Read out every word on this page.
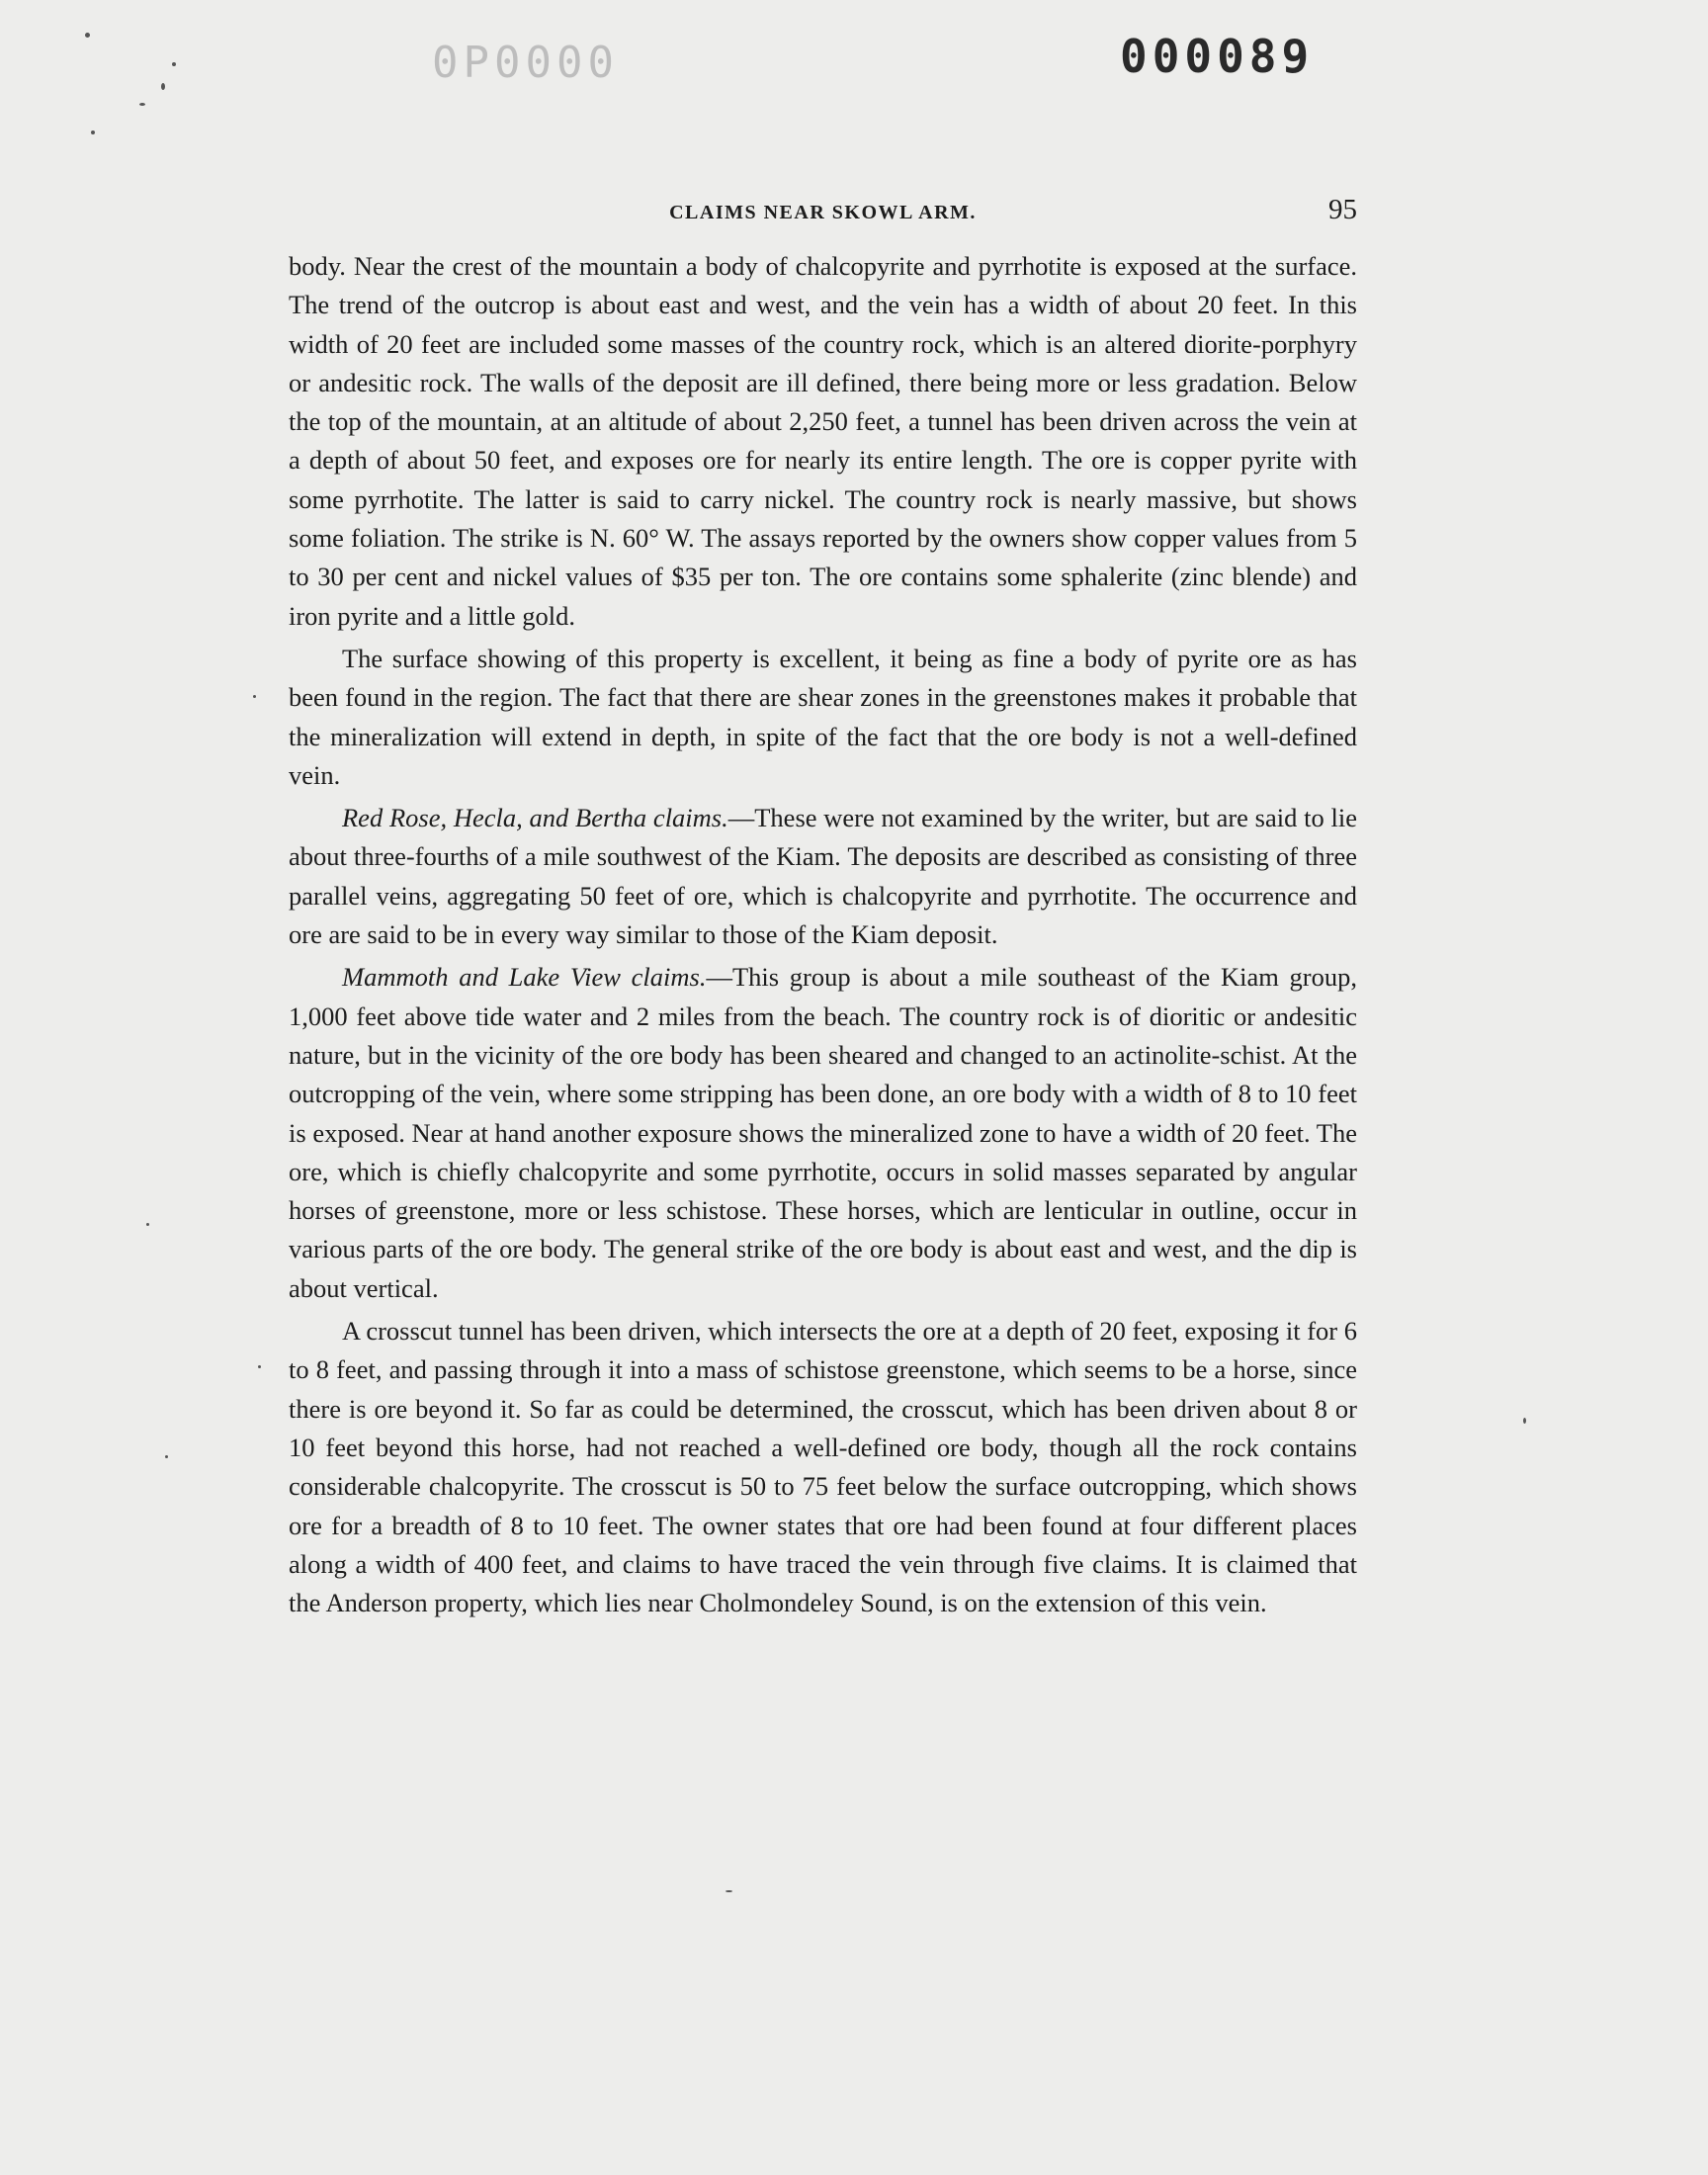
0P0000	000089
CLAIMS NEAR SKOWL ARM.	95

body. Near the crest of the mountain a body of chalcopyrite and pyrrhotite is exposed at the surface. The trend of the outcrop is about east and west, and the vein has a width of about 20 feet. In this width of 20 feet are included some masses of the country rock, which is an altered diorite-porphyry or andesitic rock. The walls of the deposit are ill defined, there being more or less gradation. Below the top of the mountain, at an altitude of about 2,250 feet, a tunnel has been driven across the vein at a depth of about 50 feet, and exposes ore for nearly its entire length. The ore is copper pyrite with some pyrrhotite. The latter is said to carry nickel. The country rock is nearly massive, but shows some foliation. The strike is N. 60° W. The assays reported by the owners show copper values from 5 to 30 per cent and nickel values of $35 per ton. The ore contains some sphalerite (zinc blende) and iron pyrite and a little gold.

The surface showing of this property is excellent, it being as fine a body of pyrite ore as has been found in the region. The fact that there are shear zones in the greenstones makes it probable that the mineralization will extend in depth, in spite of the fact that the ore body is not a well-defined vein.

Red Rose, Hecla, and Bertha claims.—These were not examined by the writer, but are said to lie about three-fourths of a mile southwest of the Kiam. The deposits are described as consisting of three parallel veins, aggregating 50 feet of ore, which is chalcopyrite and pyrrhotite. The occurrence and ore are said to be in every way similar to those of the Kiam deposit.

Mammoth and Lake View claims.—This group is about a mile southeast of the Kiam group, 1,000 feet above tide water and 2 miles from the beach. The country rock is of dioritic or andesitic nature, but in the vicinity of the ore body has been sheared and changed to an actinolite-schist. At the outcropping of the vein, where some stripping has been done, an ore body with a width of 8 to 10 feet is exposed. Near at hand another exposure shows the mineralized zone to have a width of 20 feet. The ore, which is chiefly chalcopyrite and some pyrrhotite, occurs in solid masses separated by angular horses of greenstone, more or less schistose. These horses, which are lenticular in outline, occur in various parts of the ore body. The general strike of the ore body is about east and west, and the dip is about vertical.

A crosscut tunnel has been driven, which intersects the ore at a depth of 20 feet, exposing it for 6 to 8 feet, and passing through it into a mass of schistose greenstone, which seems to be a horse, since there is ore beyond it. So far as could be determined, the crosscut, which has been driven about 8 or 10 feet beyond this horse, had not reached a well-defined ore body, though all the rock contains considerable chalcopyrite. The crosscut is 50 to 75 feet below the surface outcropping, which shows ore for a breadth of 8 to 10 feet. The owner states that ore had been found at four different places along a width of 400 feet, and claims to have traced the vein through five claims. It is claimed that the Anderson property, which lies near Cholmondeley Sound, is on the extension of this vein.
